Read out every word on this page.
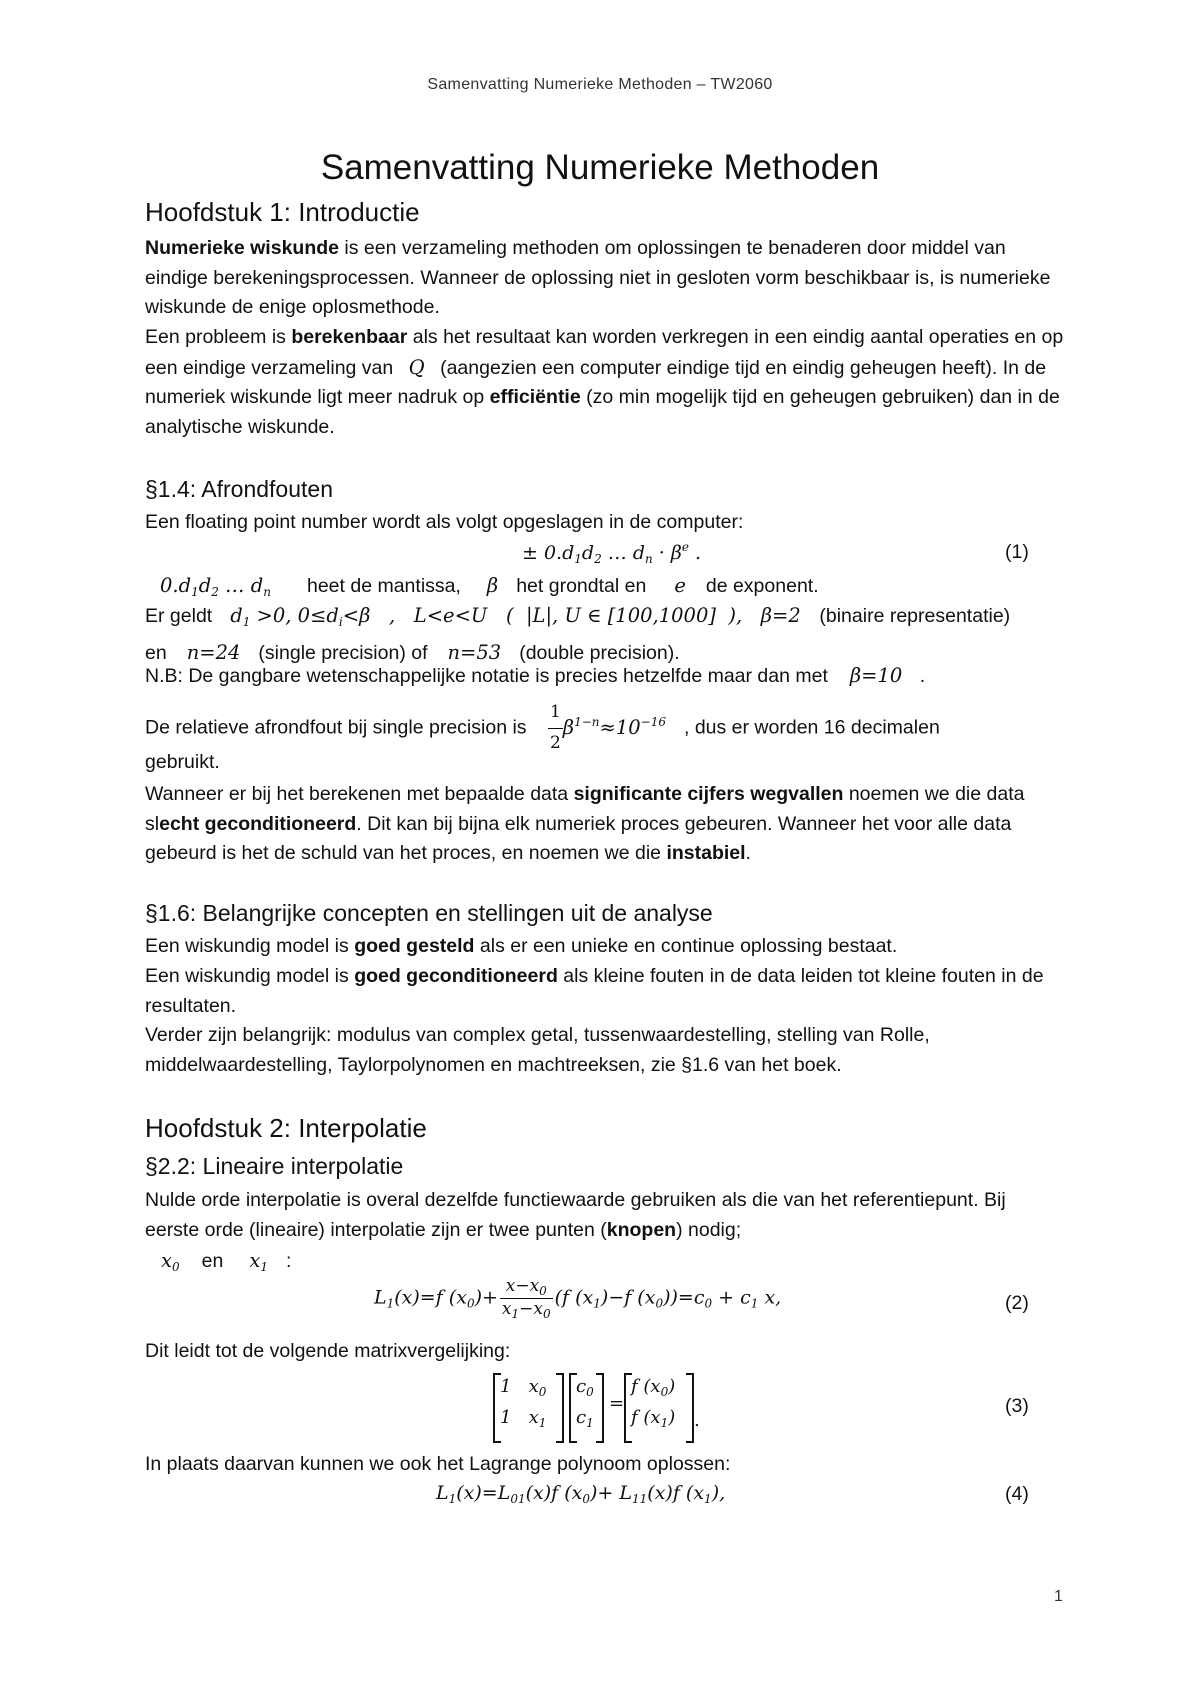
Samenvatting Numerieke Methoden – TW2060
Samenvatting Numerieke Methoden
Hoofdstuk 1: Introductie
Numerieke wiskunde is een verzameling methoden om oplossingen te benaderen door middel van eindige berekeningsprocessen. Wanneer de oplossing niet in gesloten vorm beschikbaar is, is numerieke wiskunde de enige oplosmethode.
Een probleem is berekenbaar als het resultaat kan worden verkregen in een eindig aantal operaties en op een eindige verzameling van Q (aangezien een computer eindige tijd en eindig geheugen heeft). In de numeriek wiskunde ligt meer nadruk op efficiëntie (zo min mogelijk tijd en geheugen gebruiken) dan in de analytische wiskunde.
§1.4: Afrondfouten
Een floating point number wordt als volgt opgeslagen in de computer:
± $0.d_1d_2$ … $d_n \cdot \beta^e$ .	(1)
$0.d_1d_2$ … $d_n$ heet de mantissa, β het grondtal en e de exponent.
Er geldt $d_1 >0$, $0\le d_i<\beta$   ,   L<e<U   (  |L|, U ∈ [100,1000]  ),   β=2   (binaire representatie) en n=24 (single precision) of n=53 (double precision).
N.B: De gangbare wetenschappelijke notatie is precies hetzelfde maar dan met β=10 .
De relatieve afrondfout bij single precision is $\frac{1}{2} \beta^{1-n}\approx 10^{-16}$ , dus er worden 16 decimalen
gebruikt.
Wanneer er bij het berekenen met bepaalde data significante cijfers wegvallen noemen we die data slecht geconditioneerd. Dit kan bij bijna elk numeriek proces gebeuren. Wanneer het voor alle data gebeurd is het de schuld van het proces, en noemen we die instabiel.
§1.6: Belangrijke concepten en stellingen uit de analyse
Een wiskundig model is goed gesteld als er een unieke en continue oplossing bestaat.
Een wiskundig model is goed geconditioneerd als kleine fouten in de data leiden tot kleine fouten in de resultaten.
Verder zijn belangrijk: modulus van complex getal, tussenwaardestelling, stelling van Rolle, middelwaardestelling, Taylorpolynomen en machtreeksen, zie §1.6 van het boek.
Hoofdstuk 2: Interpolatie
§2.2: Lineaire interpolatie
Nulde orde interpolatie is overal dezelfde functiewaarde gebruiken als die van het referentiepunt. Bij eerste orde (lineaire) interpolatie zijn er twee punten (knopen) nodig;
$x_0$ en $x_1$ :
$L_1(x)=f$ $(x_0)+ \frac{x-x_0}{x_1-x_0} (f$ $(x_1)-f$ $(x_0))=c_0 + c_1$ x,	(2)
Dit leidt tot de volgende matrixvergelijking:
1   $x_0$
1   $x_1$
$c_0$
$c_1$
=
f $(x_0)$
f $(x_1)$ .
(3)
In plaats daarvan kunnen we ook het Lagrange polynoom oplossen:
$L_1(x)=L_{01}(x)f$ $(x_0)+ L_{11}(x)f$ $(x_1)$,	(4)
1
